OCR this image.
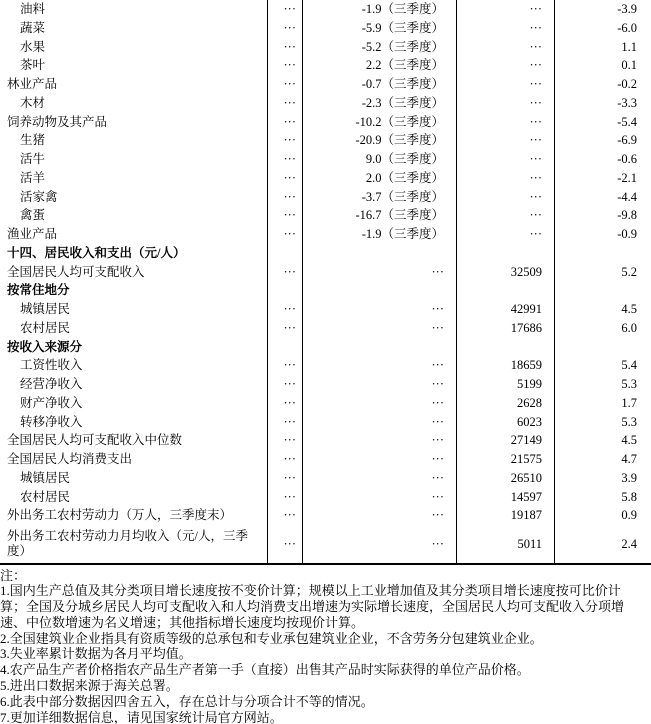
油料	···	-1.9（三季度）	···	-3.9
蔬菜	···	-5.9（三季度）	···	-6.0
水果	···	-5.2（三季度）	···	1.1
茶叶	···	2.2（三季度）	···	0.1
林业产品	···	-0.7（三季度）	···	-0.2
木材	···	-2.3（三季度）	···	-3.3
饲养动物及其产品	···	-10.2（三季度）	···	-5.4
生猪	···	-20.9（三季度）	···	-6.9
活牛	···	9.0（三季度）	···	-0.6
活羊	···	2.0（三季度）	···	-2.1
活家禽	···	-3.7（三季度）	···	-4.4
禽蛋	···	-16.7（三季度）	···	-9.8
渔业产品	···	-1.9（三季度）	···	-0.9
十四、居民收入和支出（元/人）
全国居民人均可支配收入	···	···	32509	5.2
按常住地分
城镇居民	···	···	42991	4.5
农村居民	···	···	17686	6.0
按收入来源分
工资性收入	···	···	18659	5.4
经营净收入	···	···	5199	5.3
财产净收入	···	···	2628	1.7
转移净收入	···	···	6023	5.3
全国居民人均可支配收入中位数	···	···	27149	4.5
全国居民人均消费支出	···	···	21575	4.7
城镇居民	···	···	26510	3.9
农村居民	···	···	14597	5.8
外出务工农村劳动力（万人，三季度末）	···	···	19187	0.9
外出务工农村劳动力月均收入（元/人，三季度）
···	···	5011	2.4
注：
1.国内生产总值及其分类项目增长速度按不变价计算；规模以上工业增加值及其分类项目增长速度按可比价计算；全国及分城乡居民人均可支配收入和人均消费支出增速为实际增长速度，全国居民人均可支配收入分项增速、中位数增速为名义增速；其他指标增长速度均按现价计算。
2.全国建筑业企业指具有资质等级的总承包和专业承包建筑业企业，不含劳务分包建筑业企业。
3.失业率累计数据为各月平均值。
4.农产品生产者价格指农产品生产者第一手（直接）出售其产品时实际获得的单位产品价格。
5.进出口数据来源于海关总署。
6.此表中部分数据因四舍五入，存在总计与分项合计不等的情况。
7.更加详细数据信息，请见国家统计局官方网站。
